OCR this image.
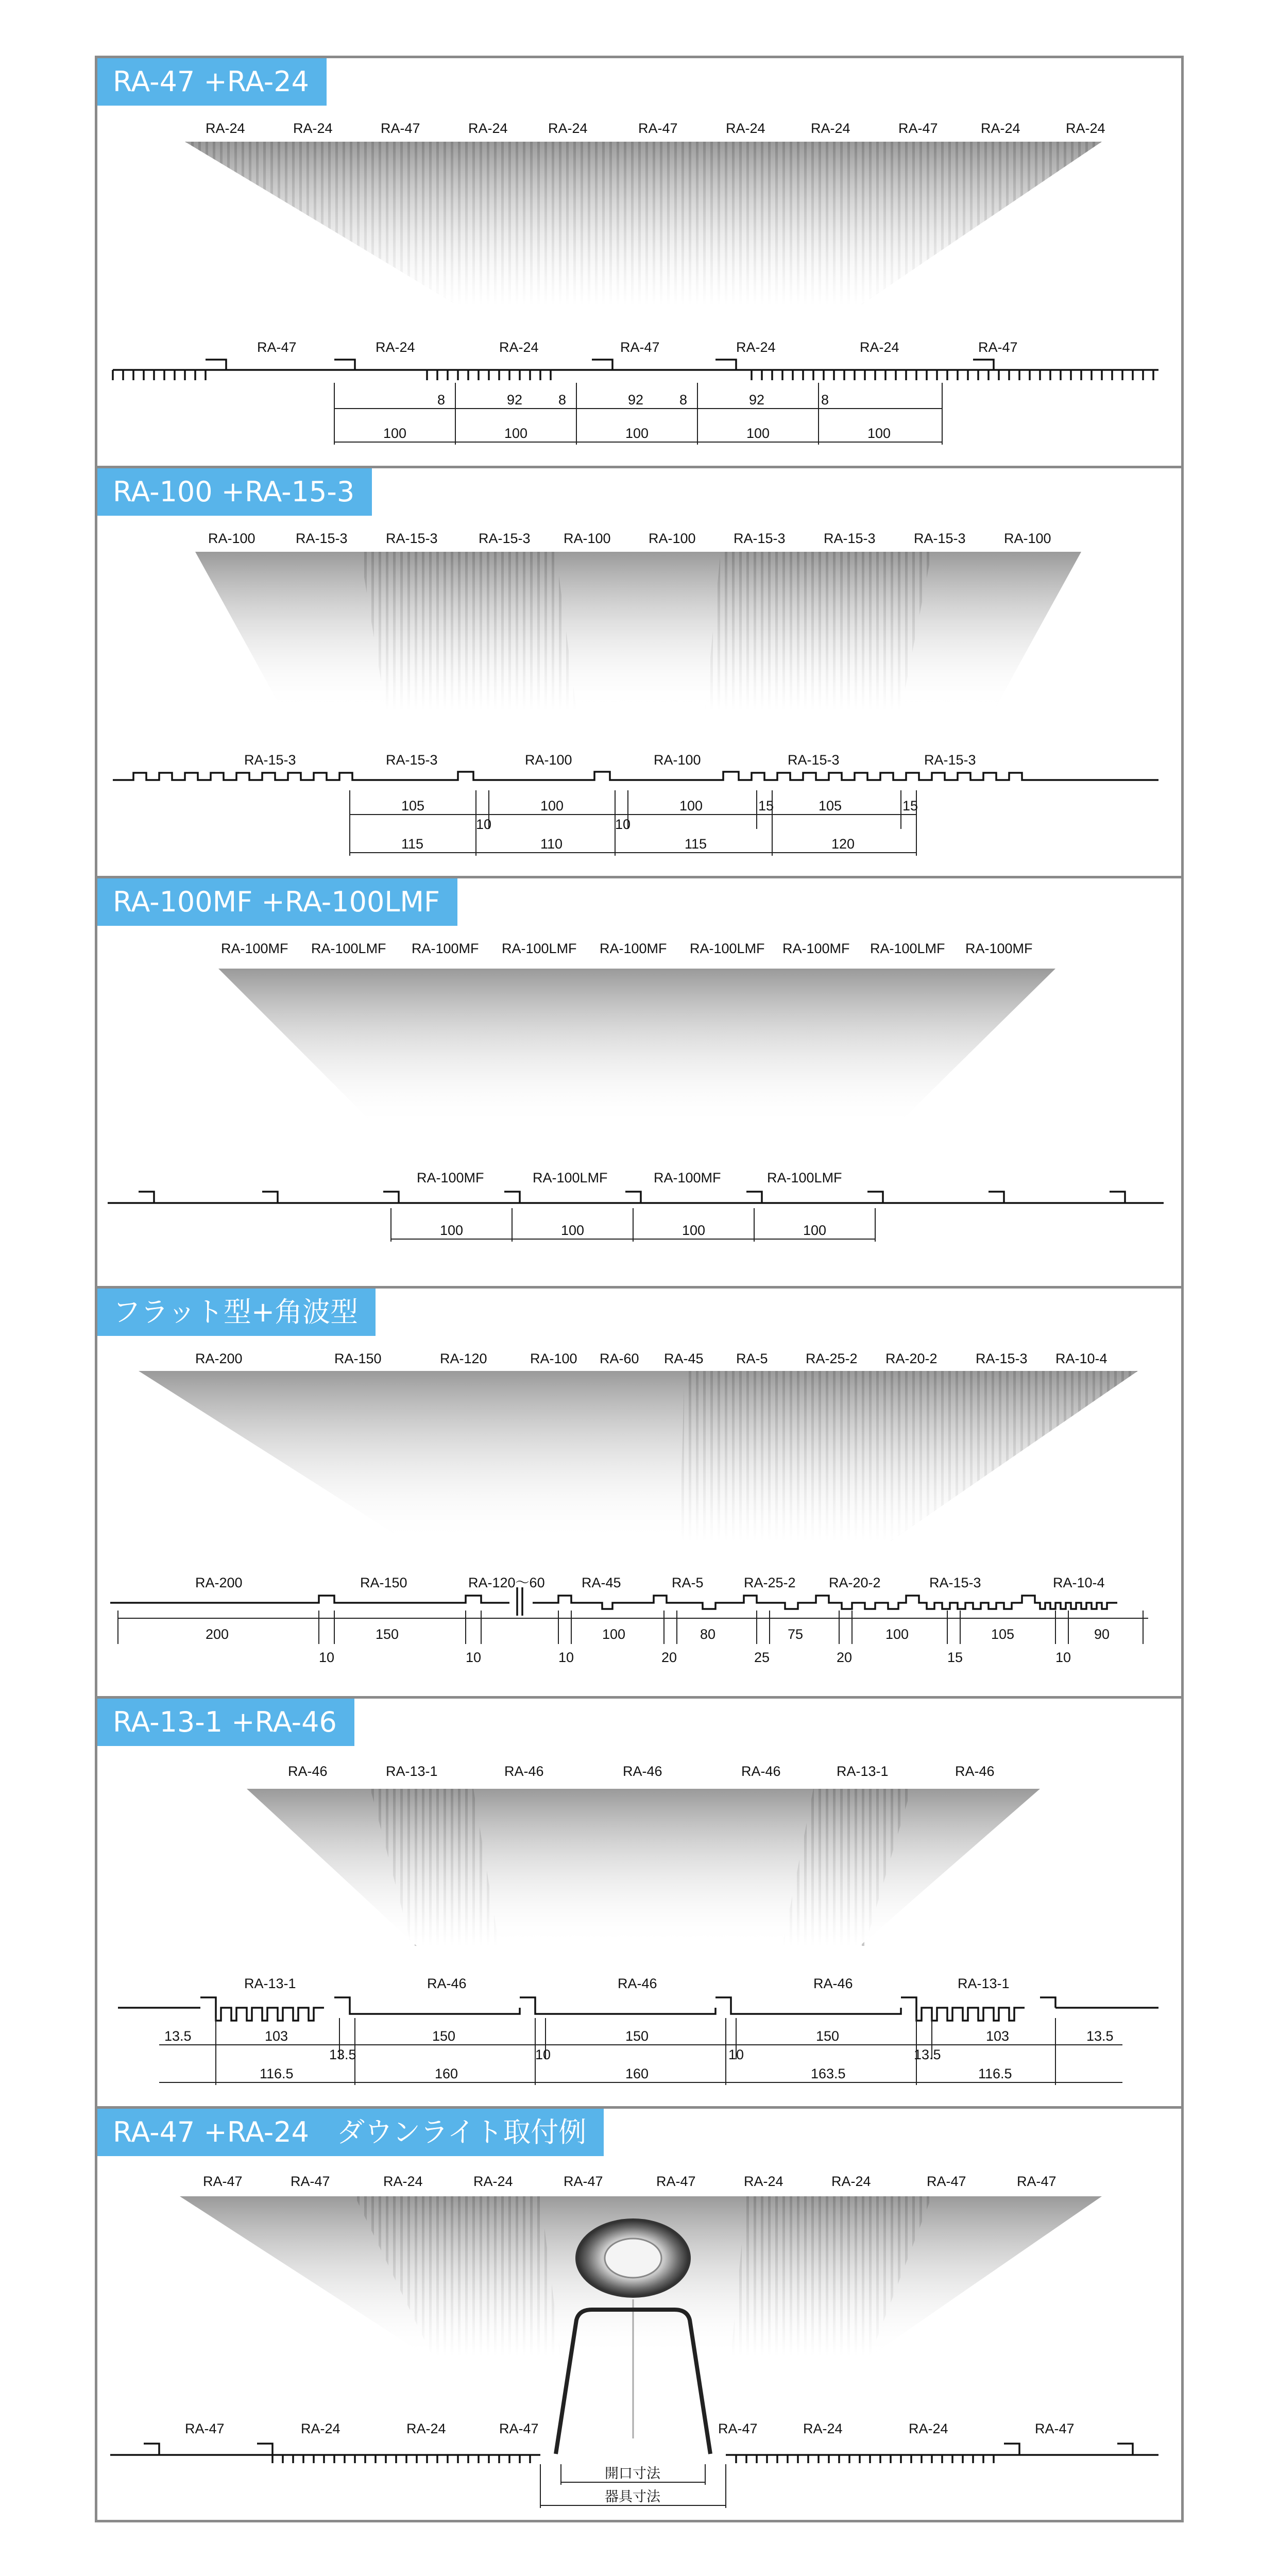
RA-47 +RA-24
RA-24	RA-24	RA-47	RA-24	RA-24	RA-47	RA-24	RA-24	RA-47	RA-24	RA-24
RA-47	RA-24	RA-24	RA-47	RA-24	RA-24	RA-47
8	92	8	92	8	92	8
100	100	100	100	100
RA-100 +RA-15-3
RA-100	RA-15-3	RA-15-3	RA-15-3 RA-100	RA-100	RA-15-3	RA-15-3	RA-15-3	RA-100
RA-15-3	RA-15-3	RA-100	RA-100	RA-15-3	RA-15-3
105	100	100	15	105	15
10	10
115	110	115	120
RA-100MF +RA-100LMF
RA-100MF RA-100LMF RA-100MF RA-100LMF RA-100MF RA-100LMF RA-100MF RA-100LMF RA-100MF
RA-100MF	RA-100LMF	RA-100MF	RA-100LMF
100	100	100	100
フラット型+角波型
RA-200	RA-150	RA-120	RA-100 RA-60 RA-45 RA-5	RA-25-2 RA-20-2	RA-15-3 RA-10-4
RA-200	RA-150	RA-120〜60	RA-45	RA-5	RA-25-2 RA-20-2	RA-15-3	RA-10-4
200	150	100	80	75	100	105	90
10	10	10	20	25	20	15	10
RA-13-1 +RA-46
RA-46	RA-13-1	RA-46	RA-46	RA-46	RA-13-1	RA-46
RA-13-1	RA-46	RA-46	RA-46	RA-13-1
13.5	103	150	150	150	103	13.5
13.5	10	10	13.5
116.5	160	160	163.5	116.5
RA-47 +RA-24　ダウンライト取付例
RA-47	RA-47	RA-24	RA-24	RA-47	RA-47	RA-24	RA-24	RA-47	RA-47
RA-47	RA-24	RA-24	RA-47	RA-47	RA-24	RA-24	RA-47
開口寸法
器具寸法
